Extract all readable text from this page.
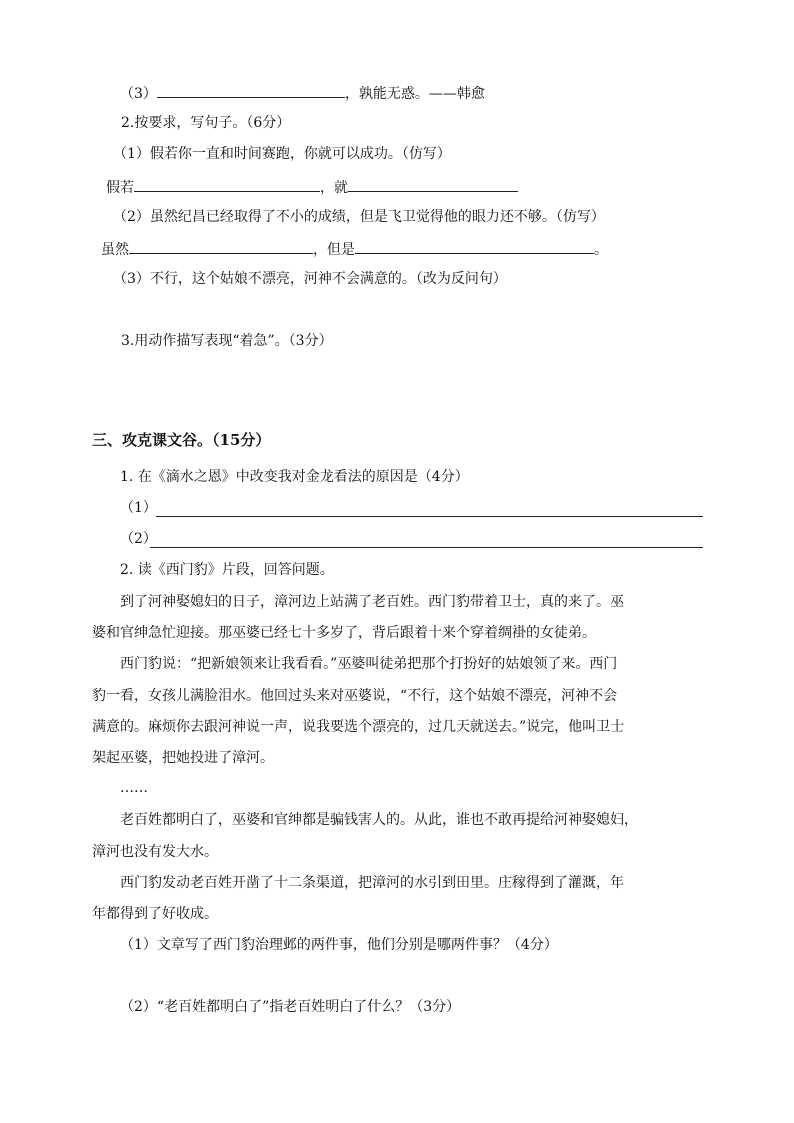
（3）	，孰能无惑。——韩愈
2.按要求，写句子。（6分）
（1）假若你一直和时间赛跑，你就可以成功。（仿写）
假若	，就
（2）虽然纪昌已经取得了不小的成绩，但是飞卫觉得他的眼力还不够。（仿写）
虽然	，但是	。
（3）不行，这个姑娘不漂亮，河神不会满意的。（改为反问句）
3.用动作描写表现“着急”。（3分）
三、攻克课文谷。（15分）
1. 在《滴水之恩》中改变我对金龙看法的原因是（4分）
（1）
（2）
2. 读《西门豹》片段，回答问题。
到了河神娶媳妇的日子，漳河边上站满了老百姓。西门豹带着卫士，真的来了。巫
婆和官绅急忙迎接。那巫婆已经七十多岁了，背后跟着十来个穿着绸褂的女徒弟。
西门豹说：“把新娘领来让我看看。”巫婆叫徒弟把那个打扮好的姑娘领了来。西门
豹一看，女孩儿满脸泪水。他回过头来对巫婆说，“不行，这个姑娘不漂亮，河神不会
满意的。麻烦你去跟河神说一声，说我要选个漂亮的，过几天就送去。”说完，他叫卫士
架起巫婆，把她投进了漳河。
……
老百姓都明白了，巫婆和官绅都是骗钱害人的。从此，谁也不敢再提给河神娶媳妇，
漳河也没有发大水。
西门豹发动老百姓开凿了十二条渠道，把漳河的水引到田里。庄稼得到了灌溉，年
年都得到了好收成。
（1）文章写了西门豹治理邺的两件事，他们分别是哪两件事？（4分）
（2）“老百姓都明白了”指老百姓明白了什么？（3分）
